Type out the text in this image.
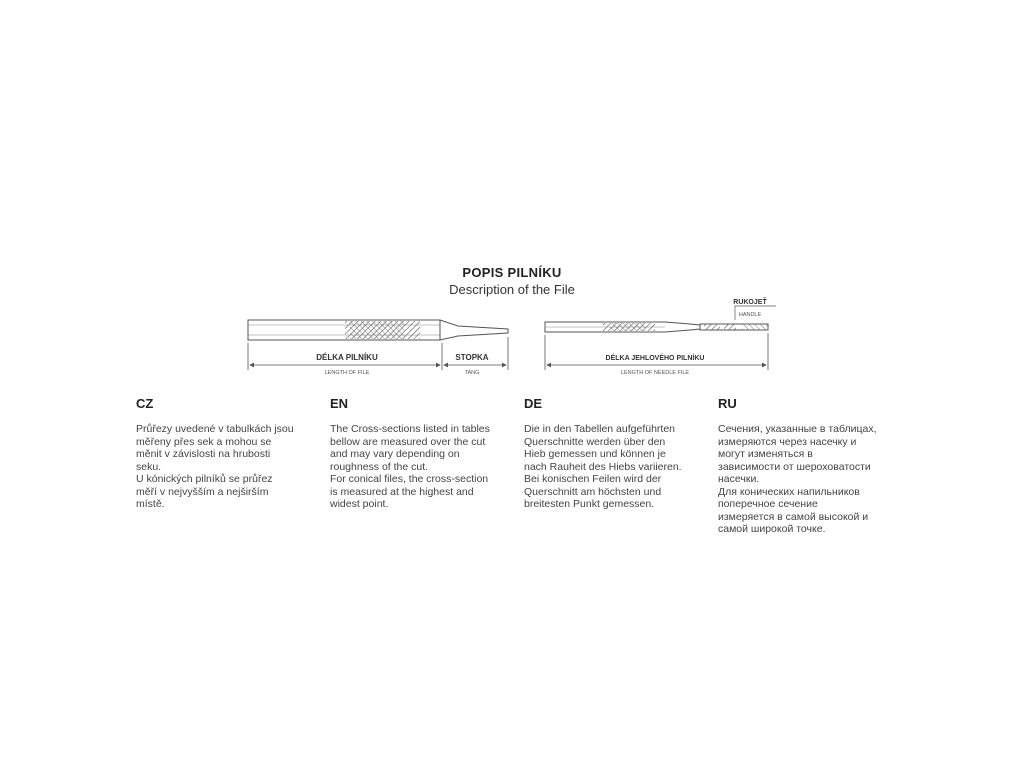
POPIS PILNÍKU
Description of the File
DÉLKA PILNÍKU
LENGTH OF FILE
STOPKA
TANG
RUKOJEŤ
HANDLE
DÉLKA JEHLOVÉHO PILNÍKU
LENGTH OF NEEDLE FILE
CZ
Průřezy uvedené v tabulkách jsou
měřeny přes sek a mohou se
měnit v závislosti na hrubosti
seku.
U kónických pilníků se průřez
měří v nejvyšším a nejširším
místě.
EN
The Cross-sections listed in tables
bellow are measured over the cut
and may vary depending on
roughness of the cut.
For conical files, the cross-section
is measured at the highest and
widest point.
DE
Die in den Tabellen aufgeführten
Querschnitte werden über den
Hieb gemessen und können je
nach Rauheit des Hiebs variieren.
Bei konischen Feilen wird der
Querschnitt am höchsten und
breitesten Punkt gemessen.
RU
Сечения, указанные в таблицах,
измеряются через насечку и
могут изменяться в
зависимости от шероховатости
насечки.
Для конических напильников
поперечное сечение
измеряется в самой высокой и
самой широкой точке.
